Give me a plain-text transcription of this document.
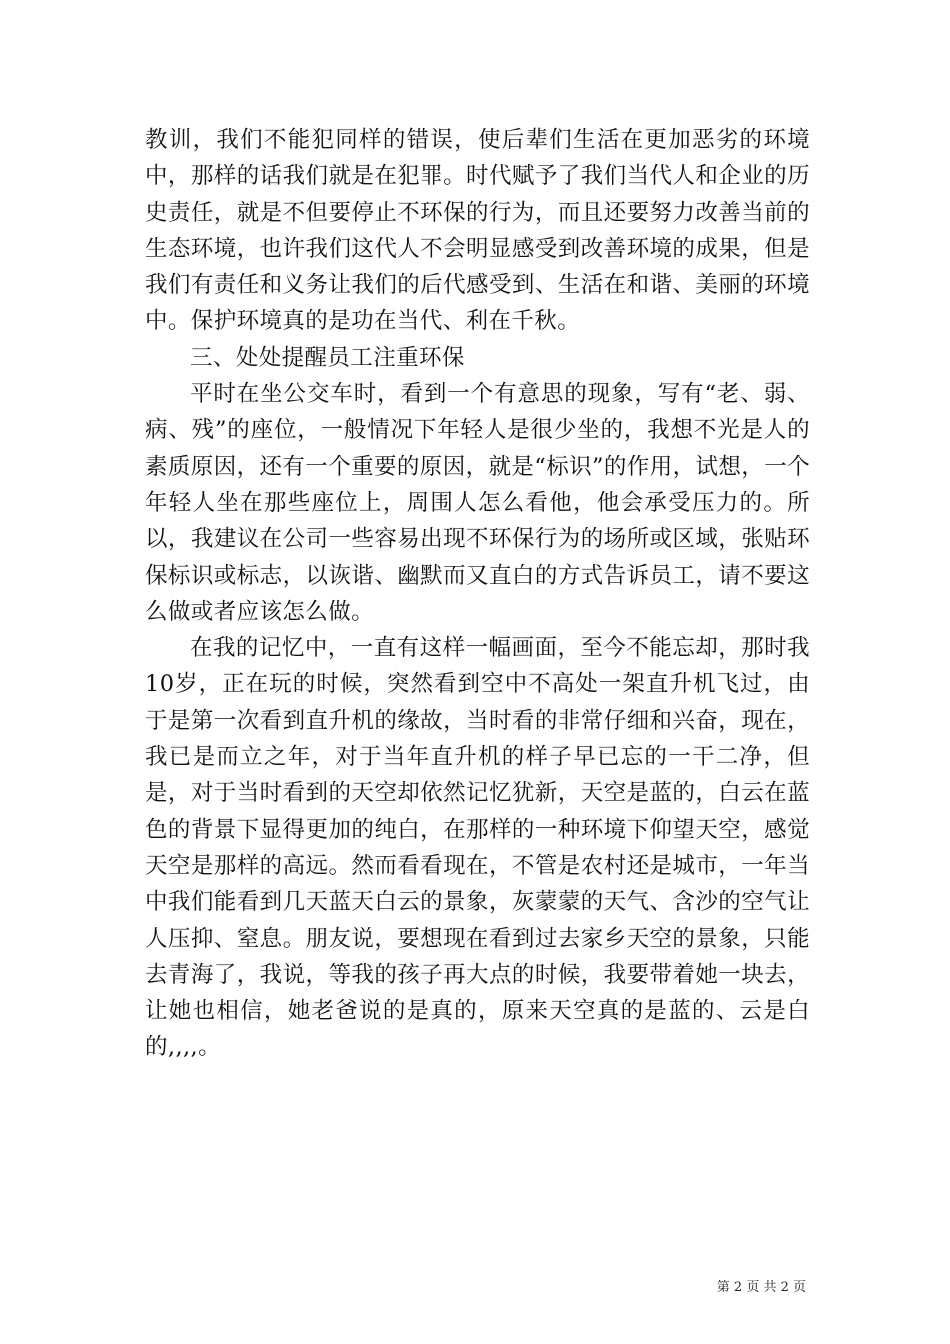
教训，我们不能犯同样的错误，使后辈们生活在更加恶劣的环境中，那样的话我们就是在犯罪。时代赋予了我们当代人和企业的历史责任，就是不但要停止不环保的行为，而且还要努力改善当前的生态环境，也许我们这代人不会明显感受到改善环境的成果，但是我们有责任和义务让我们的后代感受到、生活在和谐、美丽的环境中。保护环境真的是功在当代、利在千秋。

三、处处提醒员工注重环保

平时在坐公交车时，看到一个有意思的现象，写有“老、弱、病、残”的座位，一般情况下年轻人是很少坐的，我想不光是人的素质原因，还有一个重要的原因，就是“标识”的作用，试想，一个年轻人坐在那些座位上，周围人怎么看他，他会承受压力的。所以，我建议在公司一些容易出现不环保行为的场所或区域，张贴环保标识或标志，以诙谐、幽默而又直白的方式告诉员工，请不要这么做或者应该怎么做。

在我的记忆中，一直有这样一幅画面，至今不能忘却，那时我10岁，正在玩的时候，突然看到空中不高处一架直升机飞过，由于是第一次看到直升机的缘故，当时看的非常仔细和兴奋，现在，我已是而立之年，对于当年直升机的样子早已忘的一干二净，但是，对于当时看到的天空却依然记忆犹新，天空是蓝的，白云在蓝色的背景下显得更加的纯白，在那样的一种环境下仰望天空，感觉天空是那样的高远。然而看看现在，不管是农村还是城市，一年当中我们能看到几天蓝天白云的景象，灰蒙蒙的天气、含沙的空气让人压抑、窒息。朋友说，要想现在看到过去家乡天空的景象，只能去青海了，我说，等我的孩子再大点的时候，我要带着她一块去，让她也相信，她老爸说的是真的，原来天空真的是蓝的、云是白的,,,,。

第 2 页 共 2 页
